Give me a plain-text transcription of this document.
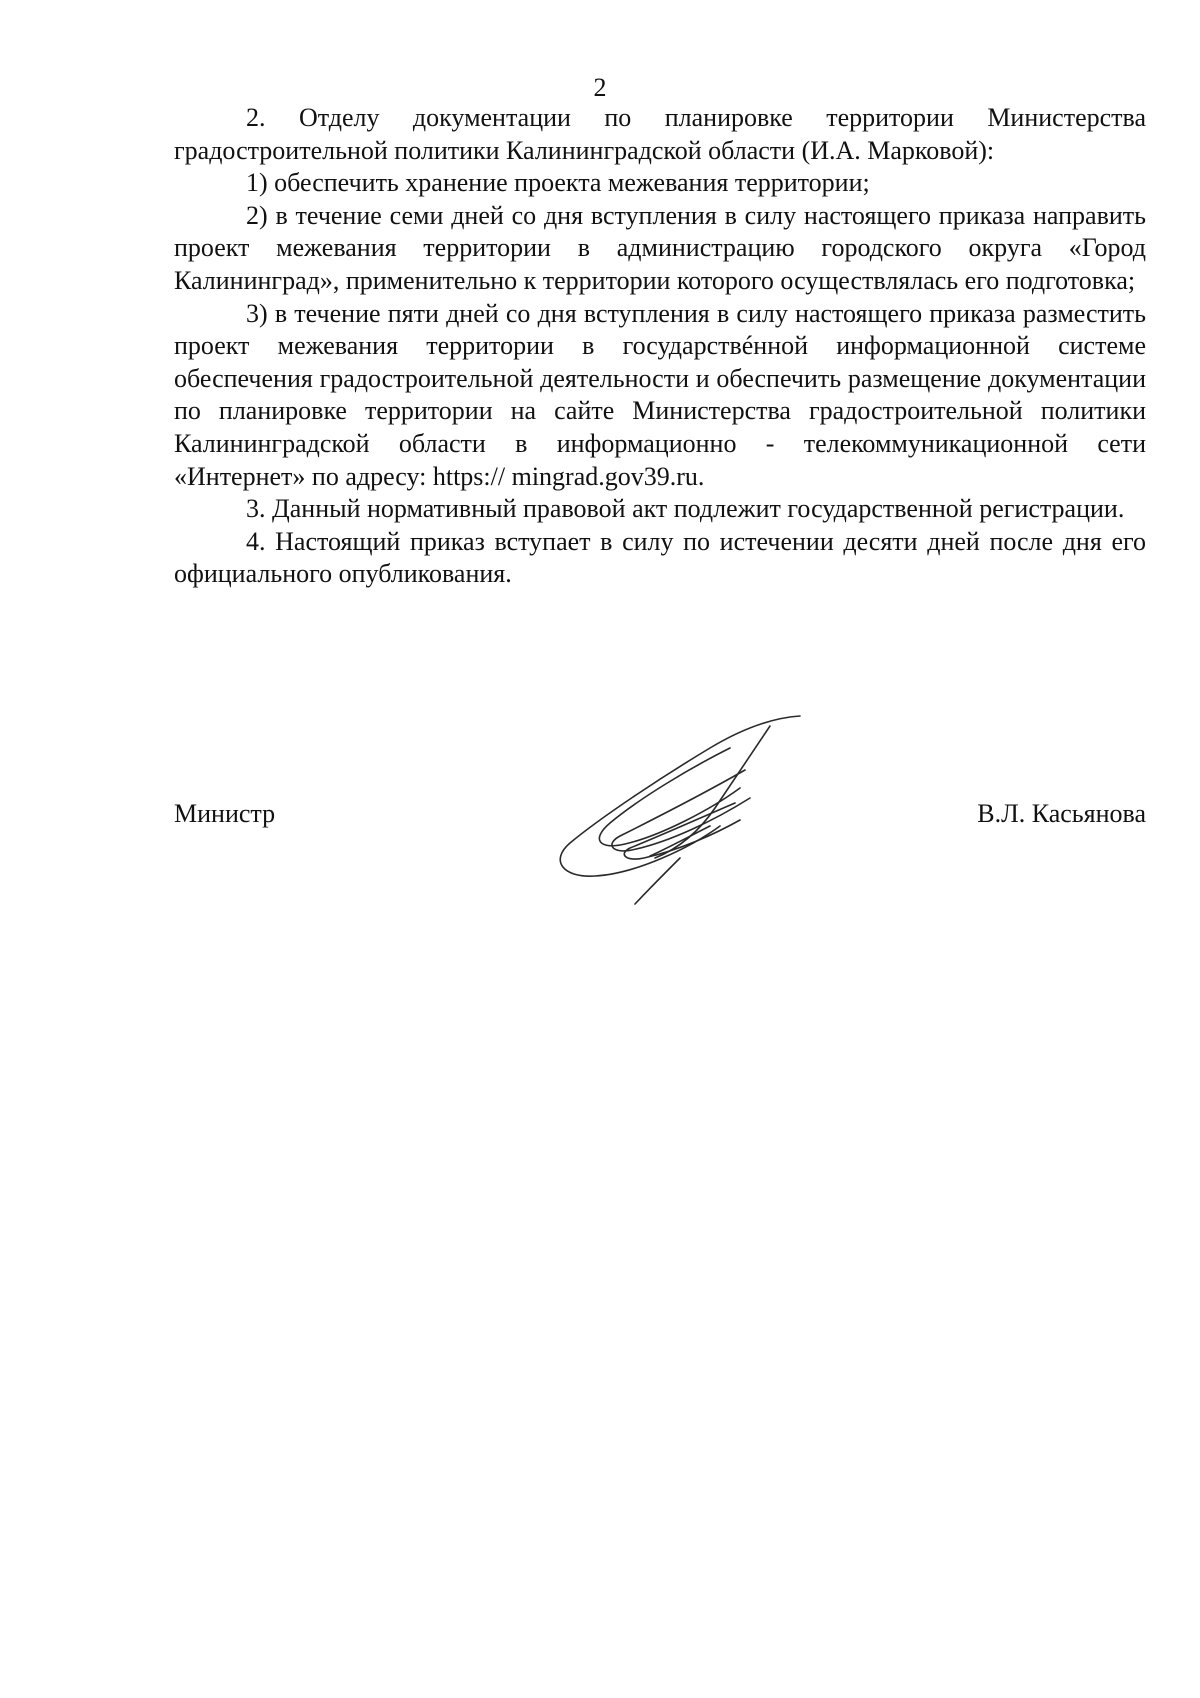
2

2. Отделу документации по планировке территории Министерства градостроительной политики Калининградской области (И.А. Марковой):

1) обеспечить хранение проекта межевания территории;

2) в течение семи дней со дня вступления в силу настоящего приказа направить проект межевания территории в администрацию городского округа «Город Калининград», применительно к территории которого осуществлялась его подготовка;

3) в течение пяти дней со дня вступления в силу настоящего приказа разместить проект межевания территории в государствéнной информационной системе обеспечения градостроительной деятельности и обеспечить размещение документации по планировке территории на сайте Министерства градостроительной политики Калининградской области в информационно - телекоммуникационной сети «Интернет» по адресу: https:// mingrad.gov39.ru.

3. Данный нормативный правовой акт подлежит государственной регистрации.

4. Настоящий приказ вступает в силу по истечении десяти дней после дня его официального опубликования.

Министр	В.Л. Касьянова
